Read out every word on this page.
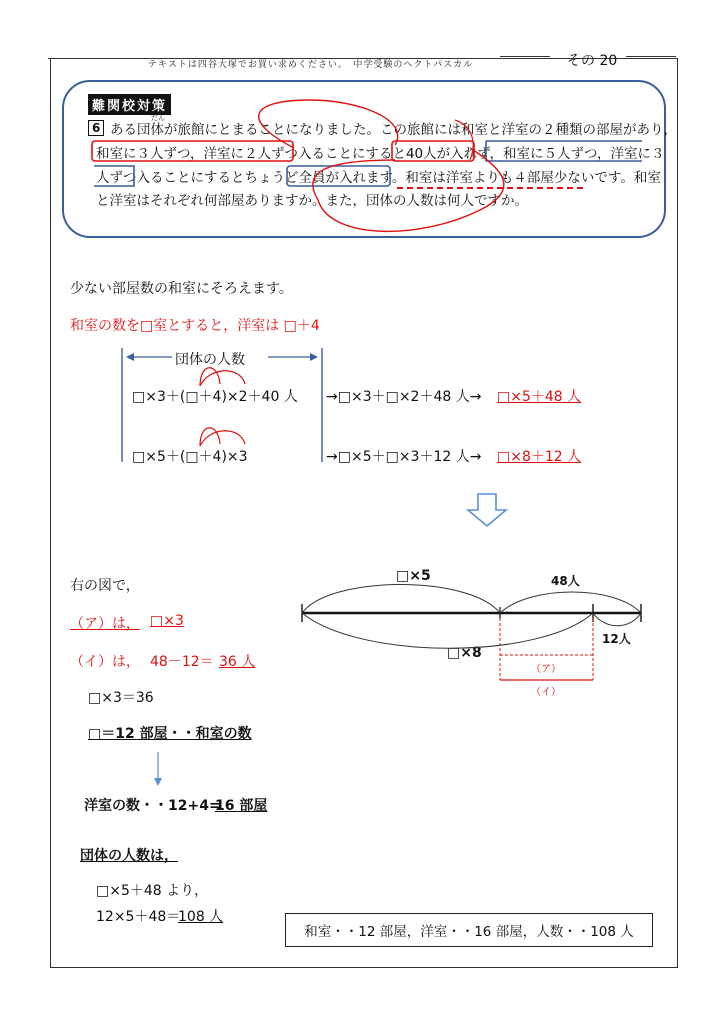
テキストは四谷大塚でお買い求めください。　中学受験のヘクトパスカル	その 20
難関校対策
6
だん
ある団体が旅館にとまることになりました。この旅館には和室と洋室の２種類の部屋があり，
和室に３人ずつ，洋室に２人ずつ入ることにすると40人が入れず，和室に５人ずつ，洋室に３
人ずつ入ることにするとちょうど全員が入れます。和室は洋室よりも４部屋少ないです。和室
と洋室はそれぞれ何部屋ありますか。また，団体の人数は何人ですか。
少ない部屋数の和室にそろえます。
和室の数を□室とすると，洋室は □＋4
団体の人数
□×3＋(□＋4)×2＋40 人 →□×3＋□×2＋48 人→ □×5＋48 人
□×5＋(□＋4)×3	→□×5＋□×3＋12 人→ □×8＋12 人
右の図で，
（ア）は， □×3
（イ）は， 48－12＝ 36 人
□×3＝36
□＝12 部屋・・和室の数
洋室の数・・12+4=
16 部屋
団体の人数は，
□×5＋48 より，
12×5＋48＝
108 人
和室・・12 部屋，洋室・・16 部屋，人数・・108 人
□×5	48人
□×8
12人
（ア）
（イ）
